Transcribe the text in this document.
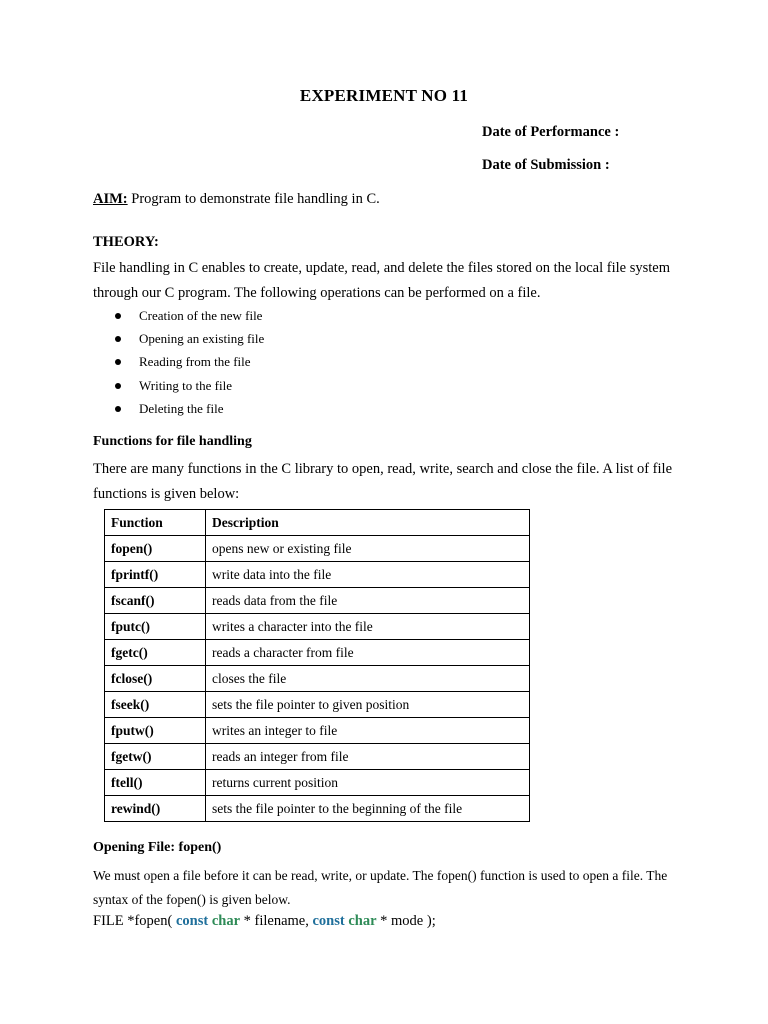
EXPERIMENT NO 11
Date of Performance :
Date of Submission :
AIM: Program to demonstrate file handling in C.
THEORY:
File handling in C enables to create, update, read, and delete the files stored on the local file system through our C program. The following operations can be performed on a file.
Creation of the new file
Opening an existing file
Reading from the file
Writing to the file
Deleting the file
Functions for file handling
There are many functions in the C library to open, read, write, search and close the file. A list of file functions is given below:
Function	Description
fopen()	opens new or existing file
fprintf()	write data into the file
fscanf()	reads data from the file
fputc()	writes a character into the file
fgetc()	reads a character from file
fclose()	closes the file
fseek()	sets the file pointer to given position
fputw()	writes an integer to file
fgetw()	reads an integer from file
ftell()	returns current position
rewind()	sets the file pointer to the beginning of the file
Opening File: fopen()
We must open a file before it can be read, write, or update. The fopen() function is used to open a file. The syntax of the fopen() is given below.
FILE *fopen( const char * filename, const char * mode );
